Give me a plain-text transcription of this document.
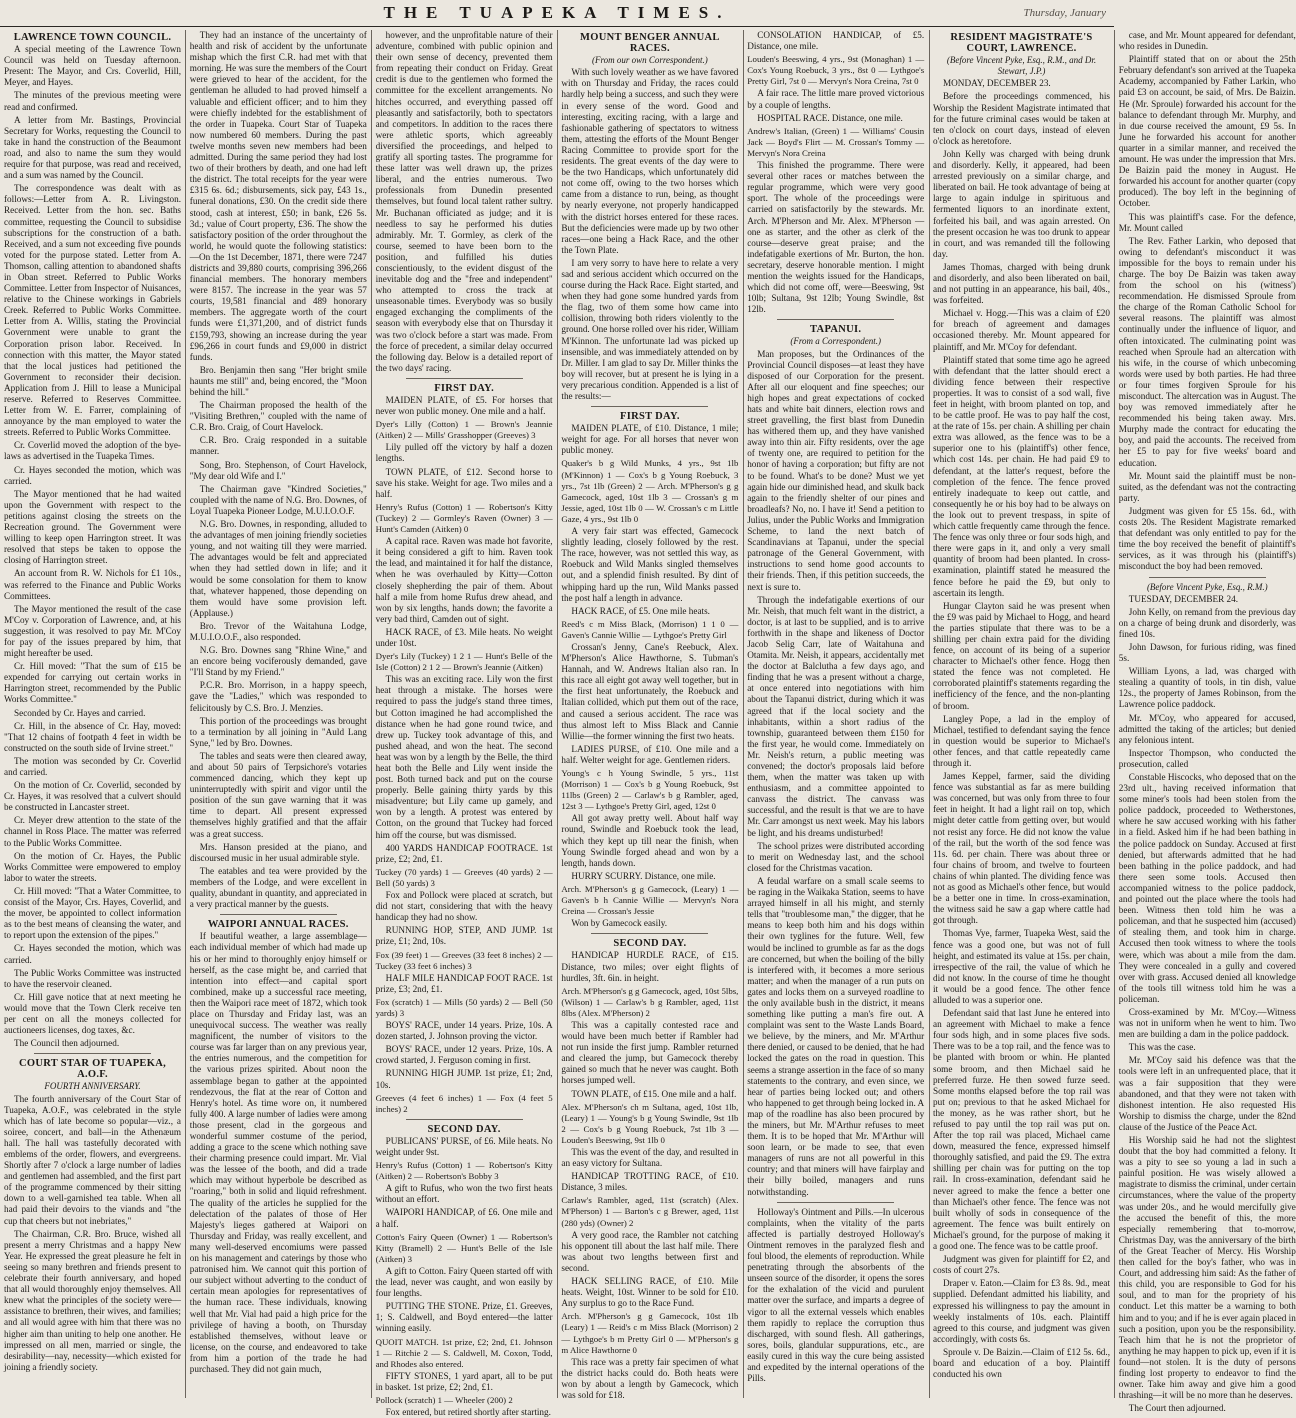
THE TUAPEKA TIMES.	Thursday, January
LAWRENCE TOWN COUNCIL.

A special meeting of the Lawrence Town Council was held on Tuesday afternoon. Present: The Mayor, and Crs. Coverlid, Hill, Meyer, and Hayes.

The minutes of the previous meeting were read and confirmed.

A letter from Mr. Bastings, Provincial Secretary for Works, requesting the Council to take in hand the construction of the Beaumont road, and also to name the sum they would require for that purpose, was read and received, and a sum was named by the Council.

The correspondence was dealt with as follows:—Letter from A. R. Livingston. Received. Letter from the hon. sec. Baths committee, requesting the Council to subsidise subscriptions for the construction of a bath. Received, and a sum not exceeding five pounds voted for the purpose stated. Letter from A. Thomson, calling attention to abandoned shafts in Oban street. Referred to Public Works Committee. Letter from Inspector of Nuisances, relative to the Chinese workings in Gabriels Creek. Referred to Public Works Committee. Letter from A. Willis, stating the Provincial Government were unable to grant the Corporation prison labor. Received. In connection with this matter, the Mayor stated that the local justices had petitioned the Government to reconsider their decision. Application from J. Hill to lease a Municipal reserve. Referred to Reserves Committee. Letter from W. E. Farrer, complaining of annoyance by the man employed to water the streets. Referred to Public Works Committee.

Cr. Coverlid moved the adoption of the bye-laws as advertised in the Tuapeka Times.

Cr. Hayes seconded the motion, which was carried.

The Mayor mentioned that he had waited upon the Government with respect to the petitions against closing the streets on the Recreation ground. The Government were willing to keep open Harrington street. It was resolved that steps be taken to oppose the closing of Harrington street.

An account from R. W. Nichols for £1 10s., was referred to the Finance and Public Works Committees.

The Mayor mentioned the result of the case M'Coy v. Corporation of Lawrence, and, at his suggestion, it was resolved to pay Mr. M'Coy for pay of the issues prepared by him, that might hereafter be used.

Cr. Hill moved: "That the sum of £15 be expended for carrying out certain works in Harrington street, recommended by the Public Works Committee."

Seconded by Cr. Hayes and carried.

Cr. Hill, in the absence of Cr. Hay, moved: "That 12 chains of footpath 4 feet in width be constructed on the south side of Irvine street."

The motion was seconded by Cr. Coverlid and carried.

On the motion of Cr. Coverlid, seconded by Cr. Hayes, it was resolved that a culvert should be constructed in Lancaster street.

Cr. Meyer drew attention to the state of the channel in Ross Place. The matter was referred to the Public Works Committee.

On the motion of Cr. Hayes, the Public Works Committee were empowered to employ labor to water the streets.

Cr. Hill moved: "That a Water Committee, to consist of the Mayor, Crs. Hayes, Coverlid, and the mover, be appointed to collect information as to the best means of cleansing the water, and to report upon the extension of the pipes."

Cr. Hayes seconded the motion, which was carried.

The Public Works Committee was instructed to have the reservoir cleaned.

Cr. Hill gave notice that at next meeting he would move that the Town Clerk receive ten per cent on all the moneys collected for auctioneers licenses, dog taxes, &c.

The Council then adjourned.

COURT STAR OF TUAPEKA, A.O.F.
FOURTH ANNIVERSARY.

The fourth anniversary of the Court Star of Tuapeka, A.O.F., was celebrated in the style which has of late become so popular—viz., a soiree, concert, and ball—in the Athenæum hall. The hall was tastefully decorated with emblems of the order, flowers, and evergreens. Shortly after 7 o'clock a large number of ladies and gentlemen had assembled, and the first part of the programme commenced by their sitting down to a well-garnished tea table. When all had paid their devoirs to the viands and "the cup that cheers but not inebriates,"

The Chairman, C.R. Bro. Bruce, wished all present a merry Christmas and a happy New Year. He expressed the great pleasure he felt in seeing so many brethren and friends present to celebrate their fourth anniversary, and hoped that all would thoroughly enjoy themselves. All knew what the principles of the society were—assistance to brethren, their wives, and families; and all would agree with him that there was no higher aim than uniting to help one another. He impressed on all men, married or single, the desirability—nay, necessity—which existed for joining a friendly society.

They had an instance of the uncertainty of health and risk of accident by the unfortunate mishap which the first C.R. had met with that morning. He was sure the members of the Court were grieved to hear of the accident, for the gentleman he alluded to had proved himself a valuable and efficient officer; and to him they were chiefly indebted for the establishment of the order in Tuapeka. Court Star of Tuapeka now numbered 60 members. During the past twelve months seven new members had been admitted. During the same period they had lost two of their brothers by death, and one had left the district. The total receipts for the year were £315 6s. 6d.; disbursements, sick pay, £43 1s., funeral donations, £30. On the credit side there stood, cash at interest, £50; in bank, £26 5s. 3d.; value of Court property, £36. The show the satisfactory position of the order throughout the world, he would quote the following statistics:—On the 1st December, 1871, there were 7247 districts and 39,880 courts, comprising 396,266 financial members. The honorary members were 8157. The increase in the year was 57 courts, 19,581 financial and 489 honorary members. The aggregate worth of the court funds were £1,371,200, and of district funds £159,793, showing an increase during the year £96,266 in court funds and £9,000 in district funds.

Bro. Benjamin then sang "Her bright smile haunts me still" and, being encored, the "Moon behind the hill."

The Chairman proposed the health of the "Visiting Brethren," coupled with the name of C.R. Bro. Craig, of Court Havelock.

C.R. Bro. Craig responded in a suitable manner.

Song, Bro. Stephenson, of Court Havelock, "My dear old Wife and I."

The Chairman gave "Kindred Societies," coupled with the name of N.G. Bro. Downes, of Loyal Tuapeka Pioneer Lodge, M.U.I.O.O.F.

N.G. Bro. Downes, in responding, alluded to the advantages of men joining friendly societies young, and not waiting till they were married. The advantages would be felt and appreciated when they had settled down in life; and it would be some consolation for them to know that, whatever happened, those depending on them would have some provision left. (Applause.)

Bro. Trevor of the Waitahuna Lodge, M.U.I.O.O.F., also responded.

N.G. Bro. Downes sang "Rhine Wine," and an encore being vociferously demanded, gave "I'll Stand by my Friend."

P.C.R. Bro. Morrison, in a happy speech, gave the "Ladies," which was responded to felicitously by C.S. Bro. J. Menzies.

This portion of the proceedings was brought to a termination by all joining in "Auld Lang Syne," led by Bro. Downes.

The tables and seats were then cleared away, and about 50 pairs of Terpsichore's votaries commenced dancing, which they kept up uninterruptedly with spirit and vigor until the position of the sun gave warning that it was time to depart. All present expressed themselves highly gratified and that the affair was a great success.

Mrs. Hanson presided at the piano, and discoursed music in her usual admirable style.

The eatables and tea were provided by the members of the Lodge, and were excellent in quality, abundant in quantity, and appreciated in a very practical manner by the guests.

WAIPORI ANNUAL RACES.

If beautiful weather, a large assemblage—each individual member of which had made up his or her mind to thoroughly enjoy himself or herself, as the case might be, and carried that intention into effect—and capital sport combined, make up a successful race meeting, then the Waipori race meet of 1872, which took place on Thursday and Friday last, was an unequivocal success. The weather was really magnificent, the number of visitors to the course was far larger than on any previous year, the entries numerous, and the competition for the various prizes spirited. About noon the assemblage began to gather at the appointed rendezvous, the flat at the rear of Cotton and Henry's hotel. As time wore on, it numbered fully 400. A large number of ladies were among those present, clad in the gorgeous and wonderful summer costume of the period, adding a grace to the scene which nothing save their charming presence could impart. Mr. Vial was the lessee of the booth, and did a trade which may without hyperbole be described as "roaring," both in solid and liquid refreshment. The quality of the articles he supplied for the delectation of the palates of those of Her Majesty's lieges gathered at Waipori on Thursday and Friday, was really excellent, and many well-deserved encomiums were passed on his management and caterings by those who patronised him. We cannot quit this portion of our subject without adverting to the conduct of certain mean apologies for representatives of the human race. These individuals, knowing well that Mr. Vial had paid a high price for the privilege of having a booth, on Thursday established themselves, without leave or license, on the course, and endeavored to take from him a portion of the trade he had purchased. They did not gain much,

however, and the unprofitable nature of their adventure, combined with public opinion and their own sense of decency, prevented them from repeating their conduct on Friday. Great credit is due to the gentlemen who formed the committee for the excellent arrangements. No hitches occurred, and everything passed off pleasantly and satisfactorily, both to spectators and competitors. In addition to the races there were athletic sports, which agreeably diversified the proceedings, and helped to gratify all sporting tastes. The programme for these latter was well drawn up, the prizes liberal, and the entries numerous. Two professionals from Dunedin presented themselves, but found local talent rather sultry. Mr. Buchanan officiated as judge; and it is needless to say he performed his duties admirably. Mr. T. Gormley, as clerk of the course, seemed to have been born to the position, and fulfilled his duties conscientiously, to the evident disgust of the inevitable dog and the "free and independent" who attempted to cross the track at unseasonable times. Everybody was so busily engaged exchanging the compliments of the season with everybody else that on Thursday it was two o'clock before a start was made. From the force of precedent, a similar delay occurred the following day. Below is a detailed report of the two days' racing.

FIRST DAY.

MAIDEN PLATE, of £5. For horses that never won public money. One mile and a half.

Dyer's Lilly (Cotton) 1 — Brown's Jeannie (Aitken) 2 — Mills' Grasshopper (Greeves) 3

Lily pulled off the victory by half a dozen lengths.

TOWN PLATE, of £12. Second horse to save his stake. Weight for age. Two miles and a half.

Henry's Rufus (Cotton) 1 — Robertson's Kitty (Tuckey) 2 — Gormley's Raven (Owner) 3 — Hunt's Camden (Aitken) 0

A capital race. Raven was made hot favorite, it being considered a gift to him. Raven took the lead, and maintained it for half the distance, when he was overhauled by Kitty—Cotton closely shepherding the pair of them. About half a mile from home Rufus drew ahead, and won by six lengths, hands down; the favorite a very bad third, Camden out of sight.

HACK RACE, of £3. Mile heats. No weight under 10st.

Dyer's Lily (Tuckey) 1 2 1 — Hunt's Belle of the Isle (Cotton) 2 1 2 — Brown's Jeannie (Aitken)

This was an exciting race. Lily won the first heat through a mistake. The horses were required to pass the judge's stand three times, but Cotton imagined he had accomplished the distance when he had gone round twice, and drew up. Tuckey took advantage of this, and pushed ahead, and won the heat. The second heat was won by a length by the Belle, the third heat both the Belle and Lily went inside the post. Both turned back and put on the course properly. Belle gaining thirty yards by this misadventure; but Lily came up gamely, and won by a length. A protest was entered by Cotton, on the ground that Tuckey had forced him off the course, but was dismissed.

400 YARDS HANDICAP FOOTRACE. 1st prize, £2; 2nd, £1.

Tuckey (70 yards) 1 — Greeves (40 yards) 2 — Bell (50 yards) 3

Fox and Pollock were placed at scratch, but did not start, considering that with the heavy handicap they had no show.

RUNNING HOP, STEP, AND JUMP. 1st prize, £1; 2nd, 10s.

Fox (39 feet) 1 — Greeves (33 feet 8 inches) 2 — Tuckey (33 feet 6 inches) 3

HALF MILE HANDICAP FOOT RACE. 1st prize, £3; 2nd, £1.

Fox (scratch) 1 — Mills (50 yards) 2 — Bell (50 yards) 3

BOYS' RACE, under 14 years. Prize, 10s. A dozen started, J. Johnson proving the victor.

BOYS' RACE, under 12 years. Prize, 10s. A crowd started, J. Ferguson coming in first.

RUNNING HIGH JUMP. 1st prize, £1; 2nd, 10s.

Greeves (4 feet 6 inches) 1 — Fox (4 feet 5 inches) 2

SECOND DAY.

PUBLICANS' PURSE, of £6. Mile heats. No weight under 9st.

Henry's Rufus (Cotton) 1 — Robertson's Kitty (Aitken) 2 — Robertson's Bobby 3

A gift to Rufus, who won the two first heats without an effort.

WAIPORI HANDICAP, of £6. One mile and a half.

Cotton's Fairy Queen (Owner) 1 — Robertson's Kitty (Bramell) 2 — Hunt's Belle of the Isle (Aitken) 3

A gift to Cotton. Fairy Queen started off with the lead, never was caught, and won easily by four lengths.

PUTTING THE STONE. Prize, £1. Greeves, 1; S. Caldwell, and Boyd entered—the latter winning easily.

QUOIT MATCH. 1st prize, £2; 2nd, £1. Johnson 1 — Ritchie 2 — S. Caldwell, M. Coxon, Todd, and Rhodes also entered.

FIFTY STONES, 1 yard apart, all to be put in basket. 1st prize, £2; 2nd, £1.

Pollock (scratch) 1 — Wheeler (200) 2

Fox entered, but retired shortly after starting.

MOUNT BENGER ANNUAL RACES.
(From our own Correspondent.)

With such lovely weather as we have favored with on Thursday and Friday, the races could hardly help being a success, and such they were in every sense of the word. Good and interesting, exciting racing, with a large and fashionable gathering of spectators to witness them, attesting the efforts of the Mount Benger Racing Committee to provide sport for the residents. The great events of the day were to be the two Handicaps, which unfortunately did not come off, owing to the two horses which came from a distance to run, being, as thought by nearly everyone, not properly handicapped with the district horses entered for these races. But the deficiencies were made up by two other races—one being a Hack Race, and the other the Town Plate.

I am very sorry to have here to relate a very sad and serious accident which occurred on the course during the Hack Race. Eight started, and when they had gone some hundred yards from the flag, two of them some how came into collision, throwing both riders violently to the ground. One horse rolled over his rider, William M'Kinnon. The unfortunate lad was picked up insensible, and was immediately attended on by Dr. Miller. I am glad to say Dr. Miller thinks the boy will recover, but at present he is lying in a very precarious condition. Appended is a list of the results:—

FIRST DAY.

MAIDEN PLATE, of £10. Distance, 1 mile; weight for age. For all horses that never won public money.

Quaker's b g Wild Munks, 4 yrs., 9st 1lb (M'Kinnon) 1 — Cox's b g Young Roebuck, 3 yrs., 7st 1lb (Green) 2 — Arch. M'Pherson's g g Gamecock, aged, 10st 1lb 3 — Crossan's g m Jessie, aged, 10st 1lb 0 — W. Crossan's c m Little Gaze, 4 yrs., 9st 1lb 0

A very fair start was effected, Gamecock slightly leading, closely followed by the rest. The race, however, was not settled this way, as Roebuck and Wild Manks singled themselves out, and a splendid finish resulted. By dint of whipping hard up the run, Wild Manks passed the post half a length in advance.

HACK RACE, of £5. One mile heats.

Reed's c m Miss Black, (Morrison) 1 1 0 — Gaven's Cannie Willie — Lythgoe's Pretty Girl

Crossan's Jenny, Cane's Reebuck, Alex. M'Pherson's Alice Hawthorne, S. Tubman's Hannah, and W. Andrews Italian also ran. In this race all eight got away well together, but in the first heat unfortunately, the Roebuck and Italian collided, which put them out of the race, and caused a serious accident. The race was thus almost left to Miss Black and Cannie Willie—the former winning the first two heats.

LADIES PURSE, of £10. One mile and a half. Welter weight for age. Gentlemen riders.

Young's c h Young Swindle, 5 yrs., 11st (Morrison) 1 — Cox's b g Young Roebuck, 9st 11lbs (Green) 2 — Carlaw's b g Rambler, aged, 12st 3 — Lythgoe's Pretty Girl, aged, 12st 0

All got away pretty well. About half way round, Swindle and Roebuck took the lead, which they kept up till near the finish, when Young Swindle forged ahead and won by a length, hands down.

HURRY SCURRY. Distance, one mile.

Arch. M'Pherson's g g Gamecock, (Leary) 1 — Gaven's b h Cannie Willie — Mervyn's Nora Creina — Crossan's Jessie

Won by Gamecock easily.

SECOND DAY.

HANDICAP HURDLE RACE, of £15. Distance, two miles; over eight flights of hurdles, 3ft. 6in. in height.

Arch. M'Pherson's g g Gamecock, aged, 10st 5lbs, (Wilson) 1 — Carlaw's b g Rambler, aged, 11st 8lbs (Alex. M'Pherson) 2

This was a capitally contested race and would have been much better if Rambler had not run inside the first jump. Rambler returned and cleared the jump, but Gamecock thereby gained so much that he never was caught. Both horses jumped well.

TOWN PLATE, of £15. One mile and a half.

Alex. M'Pherson's ch m Sultana, aged, 10st 1lb, (Leary) 1 — Young's b g Young Swindle, 9st 1lb 2 — Cox's b g Young Roebuck, 7st 1lb 3 — Louden's Beeswing, 9st 1lb 0

This was the event of the day, and resulted in an easy victory for Sultana.

HANDICAP TROTTING RACE, of £10. Distance, 3 miles.

Carlaw's Rambler, aged, 11st (scratch) (Alex. M'Pherson) 1 — Barton's c g Brewer, aged, 11st (280 yds) (Owner) 2

A very good race, the Rambler not catching his opponent till about the last half mile. There was about two lengths between first and second.

HACK SELLING RACE, of £10. Mile heats. Weight, 10st. Winner to be sold for £10. Any surplus to go to the Race Fund.

Arch. M'Pherson's g g Gamecock, 10st 1lb (Leary) 1 — Reid's c m Miss Black (Morrison) 2 — Lythgoe's b m Pretty Girl 0 — M'Pherson's g m Alice Hawthorne 0

This race was a pretty fair specimen of what the district hacks could do. Both heats were won by about a length by Gamecock, which was sold for £18.

CONSOLATION HANDICAP, of £5. Distance, one mile.

Louden's Beeswing, 4 yrs., 9st (Monaghan) 1 — Cox's Young Roebuck, 3 yrs., 8st 0 — Lythgoe's Pretty Girl, 7st 0 — Mervyn's Nora Creina, 7st 0

A fair race. The little mare proved victorious by a couple of lengths.

HOSPITAL RACE. Distance, one mile.

Andrew's Italian, (Green) 1 — Williams' Cousin Jack — Boyd's Flirt — M. Crossan's Tommy — Mervyn's Nora Creina

This finished the programme. There were several other races or matches between the regular programme, which were very good sport. The whole of the proceedings were carried on satisfactorily by the stewards. Mr. Arch. M'Pherson and Mr. Alex. M'Pherson —one as starter, and the other as clerk of the course—deserve great praise; and the indefatigable exertions of Mr. Burton, the hon. secretary, deserve honorable mention. I might mention the weights issued for the Handicaps, which did not come off, were—Beeswing, 9st 10lb; Sultana, 9st 12lb; Young Swindle, 8st 12lb.

TAPANUI.
(From a Correspondent.)

Man proposes, but the Ordinances of the Provincial Council disposes—at least they have disposed of our Corporation for the present. After all our eloquent and fine speeches; our high hopes and great expectations of cocked hats and white bait dinners, election rows and street gravelling, the first blast from Dunedin has withered them up, and they have vanished away into thin air. Fifty residents, over the age of twenty one, are required to petition for the honor of having a corporation; but fifty are not to be found. What's to be done? Must we yet again hide our diminished head, and skulk back again to the friendly shelter of our pines and broadleafs? No, no. I have it! Send a petition to Julius, under the Public Works and Immigration Scheme, to land the next batch of Scandinavians at Tapanui, under the special patronage of the General Government, with instructions to send home good accounts to their friends. Then, if this petition succeeds, the next is sure to.

Through the indefatigable exertions of our Mr. Neish, that much felt want in the district, a doctor, is at last to be supplied, and is to arrive forthwith in the shape and likeness of Doctor Jacob Selig Carr, late of Waitahuna and Otamita. Mr. Neish, it appears, accidentally met the doctor at Balclutha a few days ago, and finding that he was a present without a charge, at once entered into negotiations with him about the Tapanui district, during which it was agreed that if the local society and the inhabitants, within a short radius of the township, guaranteed between them £150 for the first year, he would come. Immediately on Mr. Neish's return, a public meeting was convened; the doctor's proposals laid before them, when the matter was taken up with enthusiasm, and a committee appointed to canvass the district. The canvass was successful, and the result is that we are to have Mr. Carr amongst us next week. May his labors be light, and his dreams undisturbed!

The school prizes were distributed according to merit on Wednesday last, and the school closed for the Christmas vacation.

A feudal warfare on a small scale seems to be raging in the Waikaka Station, seems to have arrayed himself in all his might, and sternly tells that "troublesome man," the digger, that he means to keep both him and his dogs within their own tyglines for the future. Well, few would be inclined to grumble as far as the dogs are concerned, but when the boiling of the billy is interfered with, it becomes a more serious matter; and when the manager of a run puts on gates and locks them on a surveyed roadline to the only available bush in the district, it means something like putting a man's fire out. A complaint was sent to the Waste Lands Board, we believe, by the miners, and Mr. M'Arthur there denied, or caused to be denied, that he had locked the gates on the road in question. This seems a strange assertion in the face of so many statements to the contrary, and even since, we hear of parties being locked out; and others who happened to get through being locked in. A map of the roadline has also been procured by the miners, but Mr. M'Arthur refuses to meet them. It is to be hoped that Mr. M'Arthur will soon learn, or be made to see, that even managers of runs are not all powerful in this country; and that miners will have fairplay and their billy boiled, managers and runs notwithstanding.

Holloway's Ointment and Pills.—In ulcerous complaints, when the vitality of the parts affected is partially destroyed Holloway's Ointment removes in the paralyzed flesh and foul blood, the elements of reproduction. While penetrating through the absorbents of the unseen source of the disorder, it opens the sores for the exhalation of the vicid and purulent matter over the surface, and imparts a degree of vigor to all the external vessels which enables them rapidly to replace the corruption thus discharged, with sound flesh. All gatherings, sores, boils, glandular suppurations, etc., are easily cured in this way the cure being assisted and expedited by the internal operations of the Pills.

RESIDENT MAGISTRATE'S COURT, LAWRENCE.
(Before Vincent Pyke, Esq., R.M., and Dr. Stewart, J.P.)

MONDAY, DECEMBER 23.

Before the proceedings commenced, his Worship the Resident Magistrate intimated that for the future criminal cases would be taken at ten o'clock on court days, instead of eleven o'clock as heretofore.

John Kelly was charged with being drunk and disorderly. Kelly, it appeared, had been arrested previously on a similar charge, and liberated on bail. He took advantage of being at large to again indulge in spirituous and fermented liquors to an inordinate extent, forfeited his bail, and was again arrested. On the present occasion he was too drunk to appear in court, and was remanded till the following day.

James Thomas, charged with being drunk and disorderly, and also been liberated on bail, and not putting in an appearance, his bail, 40s., was forfeited.

Michael v. Hogg.—This was a claim of £20 for breach of agreement and damages occasioned thereby. Mr. Mount appeared for plaintiff, and Mr. M'Coy for defendant.

Plaintiff stated that some time ago he agreed with defendant that the latter should erect a dividing fence between their respective properties. It was to consist of a sod wall, five feet in height, with broom planted on top, and to be cattle proof. He was to pay half the cost, at the rate of 15s. per chain. A shilling per chain extra was allowed, as the fence was to be a superior one to his (plaintiff's) other fence, which cost 14s. per chain. He had paid £9 to defendant, at the latter's request, before the completion of the fence. The fence proved entirely inadequate to keep out cattle, and consequently he or his boy had to be always on the look out to prevent trespass, in spite of which cattle frequently came through the fence. The fence was only three or four sods high, and there were gaps in it, and only a very small quantity of broom had been planted. In cross-examination, plaintiff stated he measured the fence before he paid the £9, but only to ascertain its length.

Hungar Clayton said he was present when the £9 was paid by Michael to Hogg, and heard the parties stipulate that there was to be a shilling per chain extra paid for the dividing fence, on account of its being of a superior character to Michael's other fence. Hogg then stated the fence was not completed. He corroborated plaintiff's statements regarding the inefficiency of the fence, and the non-planting of broom.

Langley Pope, a lad in the employ of Michael, testified to defendant saying the fence in question would be superior to Michael's other fences, and that cattle repeatedly came through it.

James Keppel, farmer, said the dividing fence was substantial as far as mere building was concerned, but was only from three to four feet in height. It had a light rail on top, which might deter cattle from getting over, but would not resist any force. He did not know the value of the rail, but the worth of the sod fence was 11s. 6d. per chain. There was about three or four chains of broom, and twelve to fourteen chains of whin planted. The dividing fence was not as good as Michael's other fence, but would be a better one in time. In cross-examination, the witness said he saw a gap where cattle had got through.

Thomas Vye, farmer, Tuapeka West, said the fence was a good one, but was not of full height, and estimated its value at 15s. per chain, irrespective of the rail, the value of which he did not know. In the course of time he thought it would be a good fence. The other fence alluded to was a superior one.

Defendant said that last June he entered into an agreement with Michael to make a fence four sods high, and in some places five sods. There was to be a top rail, and the fence was to be planted with broom or whin. He planted some broom, and then Michael said he preferred furze. He then sowed furze seed. Some months elapsed before the top rail was put on; previous to that he asked Michael for the money, as he was rather short, but he refused to pay until the top rail was put on. After the top rail was placed, Michael came down, measured the fence, expressed himself thoroughly satisfied, and paid the £9. The extra shilling per chain was for putting on the top rail. In cross-examination, defendant said he never agreed to make the fence a better one than Michael's other fence. The fence was not built wholly of sods in consequence of the agreement. The fence was built entirely on Michael's ground, for the purpose of making it a good one. The fence was to be cattle proof.

Judgment was given for plaintiff for £2, and costs of court 27s.

Draper v. Eaton.—Claim for £3 8s. 9d., meat supplied. Defendant admitted his liability, and expressed his willingness to pay the amount in weekly instalments of 10s. each. Plaintiff agreed to this course, and judgment was given accordingly, with costs 6s.

Sproule v. De Baizin.—Claim of £12 5s. 6d., board and education of a boy. Plaintiff conducted his own

case, and Mr. Mount appeared for defendant, who resides in Dunedin.

Plaintiff stated that on or about the 25th February defendant's son arrived at the Tuapeka Academy, accompanied by Father Larkin, who paid £3 on account, be said, of Mrs. De Baizin. He (Mr. Sproule) forwarded his account for the balance to defendant through Mr. Murphy, and in due course received the amount, £9 5s. In June he forwarded his account for another quarter in a similar manner, and received the amount. He was under the impression that Mrs. De Baizin paid the money in August. He forwarded his account for another quarter (copy produced). The boy left in the beginning of October.

This was plaintiff's case. For the defence, Mr. Mount called

The Rev. Father Larkin, who deposed that owing to defendant's misconduct it was impossible for the boys to remain under his charge. The boy De Baizin was taken away from the school on his (witness') recommendation. He dismissed Sproule from the charge of the Roman Catholic School for several reasons. The plaintiff was almost continually under the influence of liquor, and often intoxicated. The culminating point was reached when Sproule had an altercation with his wife, in the course of which unbecoming words were used by both parties. He had three or four times forgiven Sproule for his misconduct. The altercation was in August. The boy was removed immediately after he recommended his being taken away. Mrs. Murphy made the contract for educating the boy, and paid the accounts. The received from her £5 to pay for five weeks' board and education.

Mr. Mount said the plaintiff must be non-suited, as the defendant was not the contracting party.

Judgment was given for £5 15s. 6d., with costs 20s. The Resident Magistrate remarked that defendant was only entitled to pay for the time the boy received the benefit of plaintiff's services, as it was through his (plaintiff's) misconduct the boy had been removed.

(Before Vincent Pyke, Esq., R.M.)

TUESDAY, DECEMBER 24.

John Kelly, on remand from the previous day on a charge of being drunk and disorderly, was fined 10s.

John Dawson, for furious riding, was fined 5s.

William Lyons, a lad, was charged with stealing a quantity of tools, in tin dish, value 12s., the property of James Robinson, from the Lawrence police paddock.

Mr. M'Coy, who appeared for accused, admitted the taking of the articles; but denied any felonious intent.

Inspector Thompson, who conducted the prosecution, called

Constable Hiscocks, who deposed that on the 23rd ult., having received information that some miner's tools had been stolen from the police paddock, proceeded to Wetherstones, where he saw accused working with his father in a field. Asked him if he had been bathing in the police paddock on Sunday. Accused at first denied, but afterwards admitted that he had been bathing in the police paddock, and had there seen some tools. Accused then accompanied witness to the police paddock, and pointed out the place where the tools had been. Witness then told him he was a policeman, and that he suspected him (accused) of stealing them, and took him in charge. Accused then took witness to where the tools were, which was about a mile from the dam. They were concealed in a gully and covered over with grass. Accused denied all knowledge of the tools till witness told him he was a policeman.

Cross-examined by Mr. M'Coy.—Witness was not in uniform when he went to him. Two men are building a dam in the police paddock.

This was the case.

Mr. M'Coy said his defence was that the tools were left in an unfrequented place, that it was a fair supposition that they were abandoned, and that they were not taken with dishonest intention. He also requested His Worship to dismiss the charge, under the 82nd clause of the Justice of the Peace Act.

His Worship said he had not the slightest doubt that the boy had committed a felony. It was a pity to see so young a lad in such a painful position. He was wisely allowed a magistrate to dismiss the criminal, under certain circumstances, where the value of the property was under 20s., and he would mercifully give the accused the benefit of this, the more especially remembering that to-morrow, Christmas Day, was the anniversary of the birth of the Great Teacher of Mercy. His Worship then called for the boy's father, who was in Court, and addressing him said: As the father of this child, you are responsible to God for his soul, and to man for the propriety of his conduct. Let this matter be a warning to both him and to you; and if he is ever again placed in such a position, upon you be the responsibility. Teach him that he is not the proprietor of anything he may happen to pick up, even if it is found—not stolen. It is the duty of persons finding lost property to endeavor to find the owner. Take him away and give him a good thrashing—it will be no more than he deserves.

The Court then adjourned.
